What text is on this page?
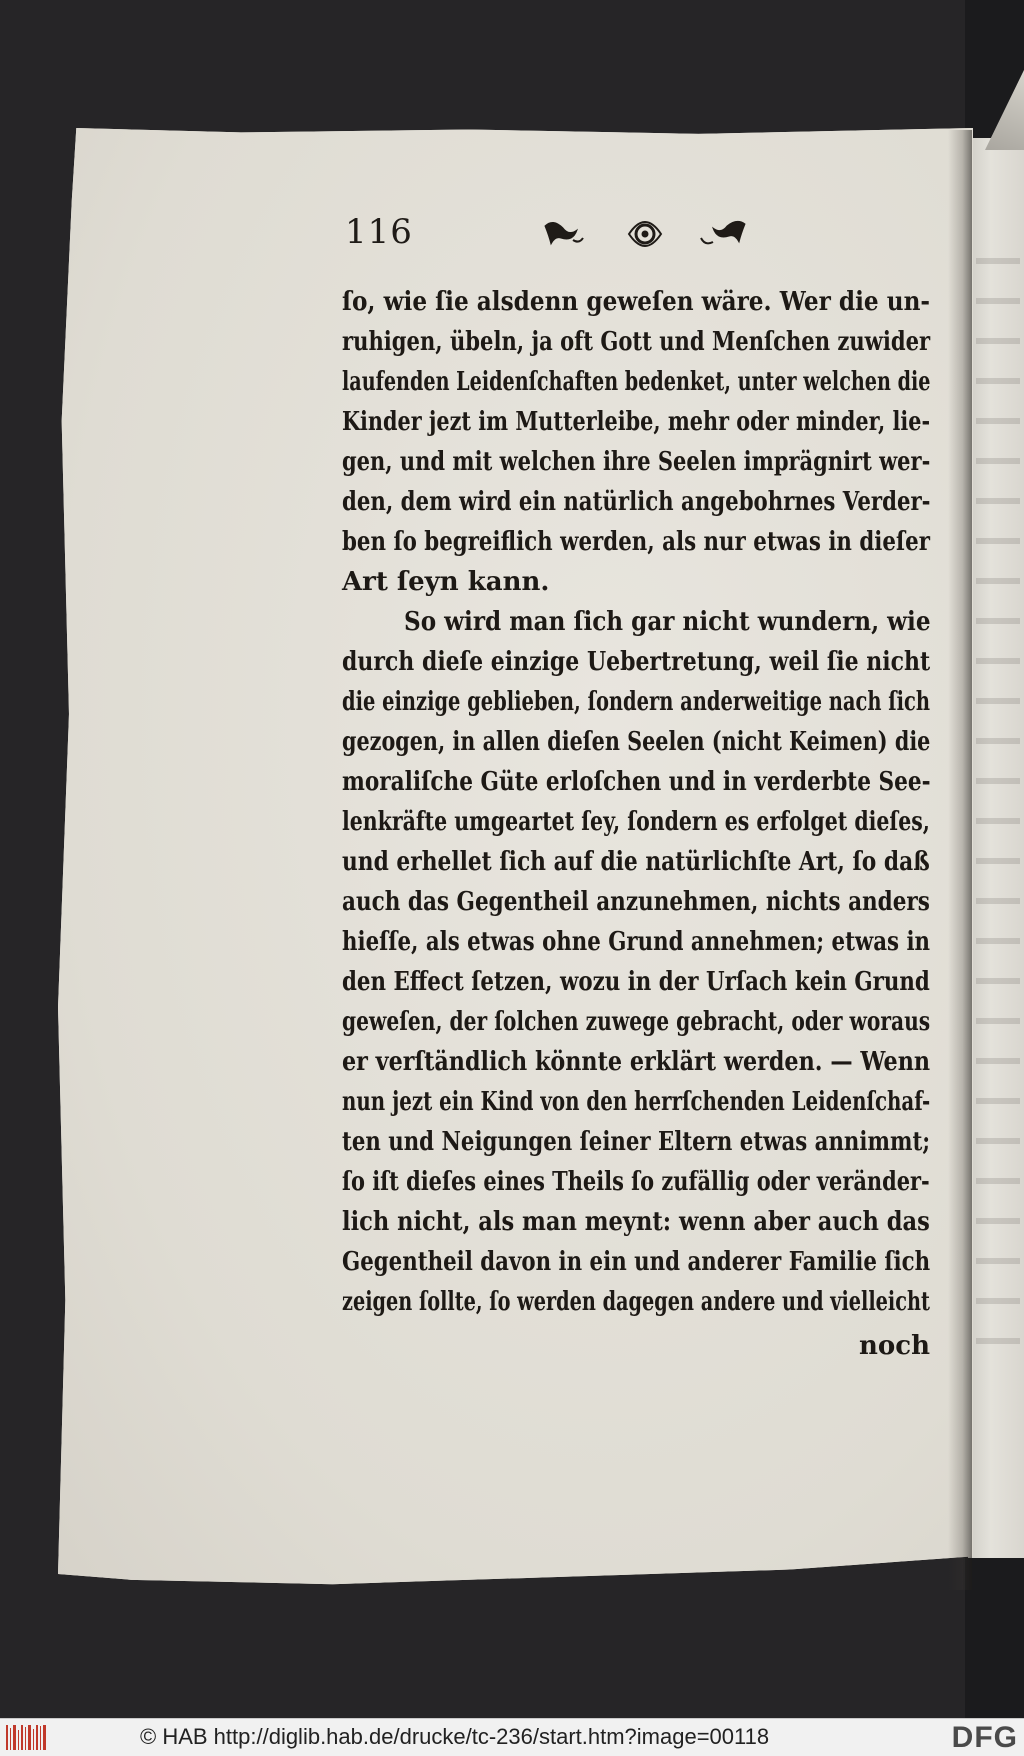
116
ſo, wie ſie alsdenn geweſen wäre. Wer die un-
ruhigen, übeln, ja oft Gott und Menſchen zuwider
laufenden Leidenſchaften bedenket, unter welchen die
Kinder jezt im Mutterleibe, mehr oder minder, lie-
gen, und mit welchen ihre Seelen imprägnirt wer-
den, dem wird ein natürlich angebohrnes Verder-
ben ſo begreiflich werden, als nur etwas in dieſer
Art ſeyn kann.
So wird man ſich gar nicht wundern, wie
durch dieſe einzige Uebertretung, weil ſie nicht
die einzige geblieben, ſondern anderweitige nach ſich
gezogen, in allen dieſen Seelen (nicht Keimen) die
moraliſche Güte erloſchen und in verderbte See-
lenkräfte umgeartet ſey, ſondern es erfolget dieſes,
und erhellet ſich auf die natürlichſte Art, ſo daß
auch das Gegentheil anzunehmen, nichts anders
hieſſe, als etwas ohne Grund annehmen; etwas in
den Effect ſetzen, wozu in der Urſach kein Grund
geweſen, der ſolchen zuwege gebracht, oder woraus
er verſtändlich könnte erklärt werden. — Wenn
nun jezt ein Kind von den herrſchenden Leidenſchaf-
ten und Neigungen ſeiner Eltern etwas annimmt;
ſo iſt dieſes eines Theils ſo zufällig oder veränder-
lich nicht, als man meynt: wenn aber auch das
Gegentheil davon in ein und anderer Familie ſich
zeigen ſollte, ſo werden dagegen andere und vielleicht
noch
© HAB http://diglib.hab.de/drucke/tc-236/start.htm?image=00118	DFG
